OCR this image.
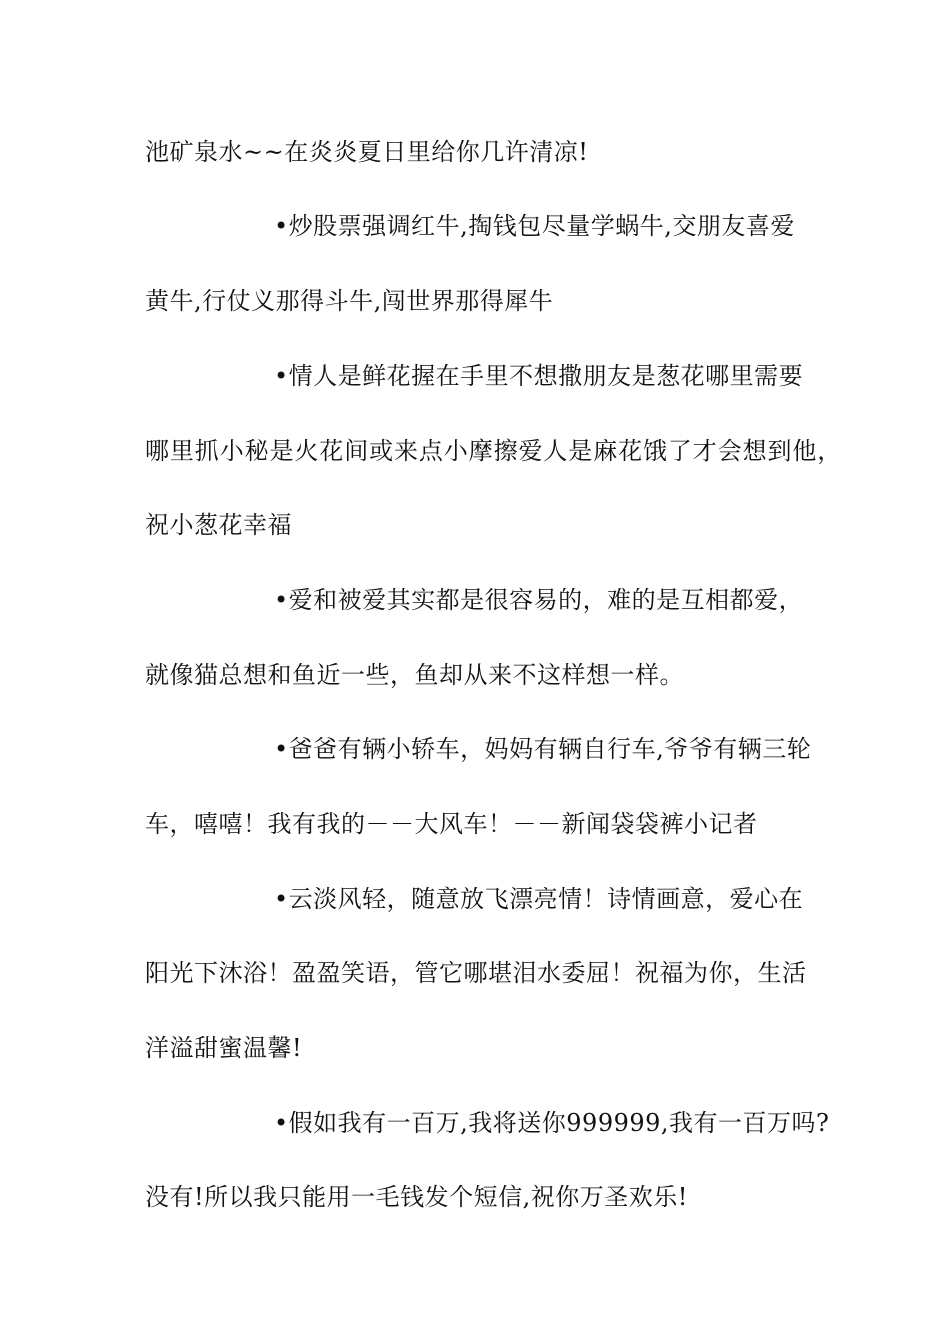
池矿泉水~~在炎炎夏日里给你几许清凉!
•炒股票强调红牛,掏钱包尽量学蜗牛,交朋友喜爱
黄牛,行仗义那得斗牛,闯世界那得犀牛
•情人是鲜花握在手里不想撒朋友是葱花哪里需要
哪里抓小秘是火花间或来点小摩擦爱人是麻花饿了才会想到他，
祝小葱花幸福
•爱和被爱其实都是很容易的，难的是互相都爱，
就像猫总想和鱼近一些，鱼却从来不这样想一样。
•爸爸有辆小轿车，妈妈有辆自行车,爷爷有辆三轮
车，嘻嘻！我有我的－－大风车！－－新闻袋袋裤小记者
•云淡风轻，随意放飞漂亮情！诗情画意，爱心在
阳光下沐浴！盈盈笑语，管它哪堪泪水委屈！祝福为你，生活
洋溢甜蜜温馨!
•假如我有一百万,我将送你999999,我有一百万吗?
没有!所以我只能用一毛钱发个短信,祝你万圣欢乐!
